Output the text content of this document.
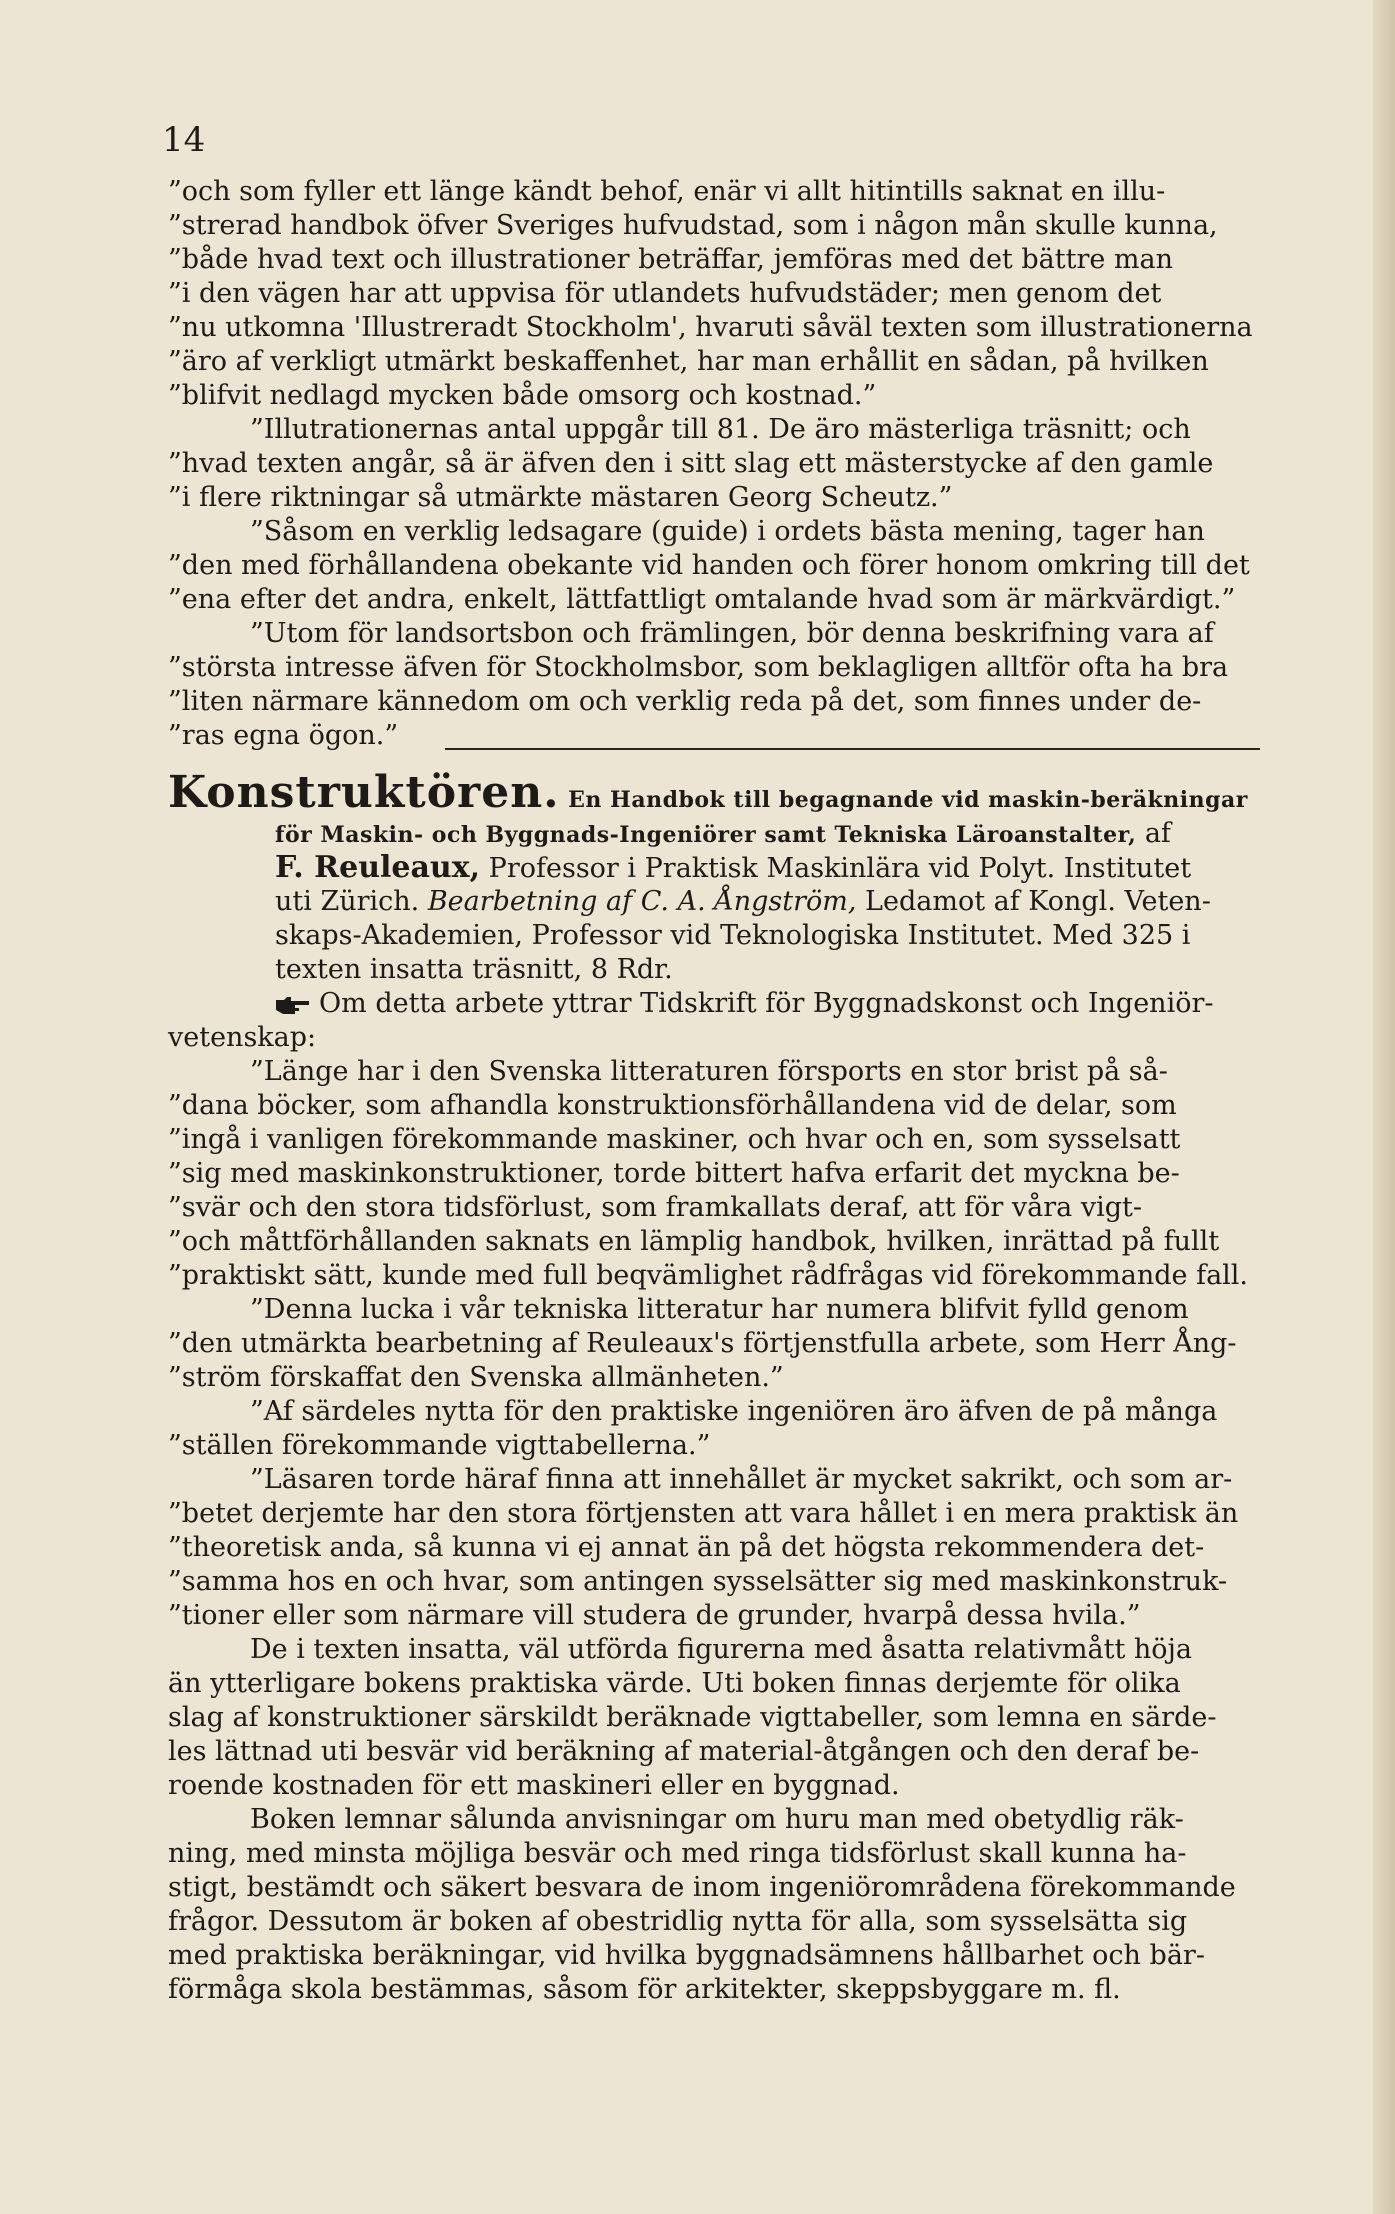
14
”och som fyller ett länge kändt behof, enär vi allt hitintills saknat en illu-
”strerad handbok öfver Sveriges hufvudstad, som i någon mån skulle kunna,
”både hvad text och illustrationer beträffar, jemföras med det bättre man
”i den vägen har att uppvisa för utlandets hufvudstäder; men genom det
”nu utkomna 'Illustreradt Stockholm', hvaruti såväl texten som illustrationerna
”äro af verkligt utmärkt beskaffenhet, har man erhållit en sådan, på hvilken
”blifvit nedlagd mycken både omsorg och kostnad.”
”Illutrationernas antal uppgår till 81. De äro mästerliga träsnitt; och
”hvad texten angår, så är äfven den i sitt slag ett mästerstycke af den gamle
”i flere riktningar så utmärkte mästaren Georg Scheutz.”
”Såsom en verklig ledsagare (guide) i ordets bästa mening, tager han
”den med förhållandena obekante vid handen och förer honom omkring till det
”ena efter det andra, enkelt, lättfattligt omtalande hvad som är märkvärdigt.”
”Utom för landsortsbon och främlingen, bör denna beskrifning vara af
”största intresse äfven för Stockholmsbor, som beklagligen alltför ofta ha bra
”liten närmare kännedom om och verklig reda på det, som finnes under de-
”ras egna ögon.”
Konstruktören. En Handbok till begagnande vid maskin-beräkningar
för Maskin- och Byggnads-Ingeniörer samt Tekniska Läroanstalter, af
F. Reuleaux, Professor i Praktisk Maskinlära vid Polyt. Institutet
uti Zürich. Bearbetning af C. A. Ångström, Ledamot af Kongl. Veten-
skaps-Akademien, Professor vid Teknologiska Institutet. Med 325 i
texten insatta träsnitt, 8 Rdr.
Om detta arbete yttrar Tidskrift för Byggnadskonst och Ingeniör-
vetenskap:
”Länge har i den Svenska litteraturen försports en stor brist på så-
”dana böcker, som afhandla konstruktionsförhållandena vid de delar, som
”ingå i vanligen förekommande maskiner, och hvar och en, som sysselsatt
”sig med maskinkonstruktioner, torde bittert hafva erfarit det myckna be-
”svär och den stora tidsförlust, som framkallats deraf, att för våra vigt-
”och måttförhållanden saknats en lämplig handbok, hvilken, inrättad på fullt
”praktiskt sätt, kunde med full beqvämlighet rådfrågas vid förekommande fall.
”Denna lucka i vår tekniska litteratur har numera blifvit fylld genom
”den utmärkta bearbetning af Reuleaux's förtjenstfulla arbete, som Herr Ång-
”ström förskaffat den Svenska allmänheten.”
”Af särdeles nytta för den praktiske ingeniören äro äfven de på många
”ställen förekommande vigttabellerna.”
”Läsaren torde häraf finna att innehållet är mycket sakrikt, och som ar-
”betet derjemte har den stora förtjensten att vara hållet i en mera praktisk än
”theoretisk anda, så kunna vi ej annat än på det högsta rekommendera det-
”samma hos en och hvar, som antingen sysselsätter sig med maskinkonstruk-
”tioner eller som närmare vill studera de grunder, hvarpå dessa hvila.”
De i texten insatta, väl utförda figurerna med åsatta relativmått höja
än ytterligare bokens praktiska värde. Uti boken finnas derjemte för olika
slag af konstruktioner särskildt beräknade vigttabeller, som lemna en särde-
les lättnad uti besvär vid beräkning af material-åtgången och den deraf be-
roende kostnaden för ett maskineri eller en byggnad.
Boken lemnar sålunda anvisningar om huru man med obetydlig räk-
ning, med minsta möjliga besvär och med ringa tidsförlust skall kunna ha-
stigt, bestämdt och säkert besvara de inom ingeniörområdena förekommande
frågor. Dessutom är boken af obestridlig nytta för alla, som sysselsätta sig
med praktiska beräkningar, vid hvilka byggnadsämnens hållbarhet och bär-
förmåga skola bestämmas, såsom för arkitekter, skeppsbyggare m. fl.
